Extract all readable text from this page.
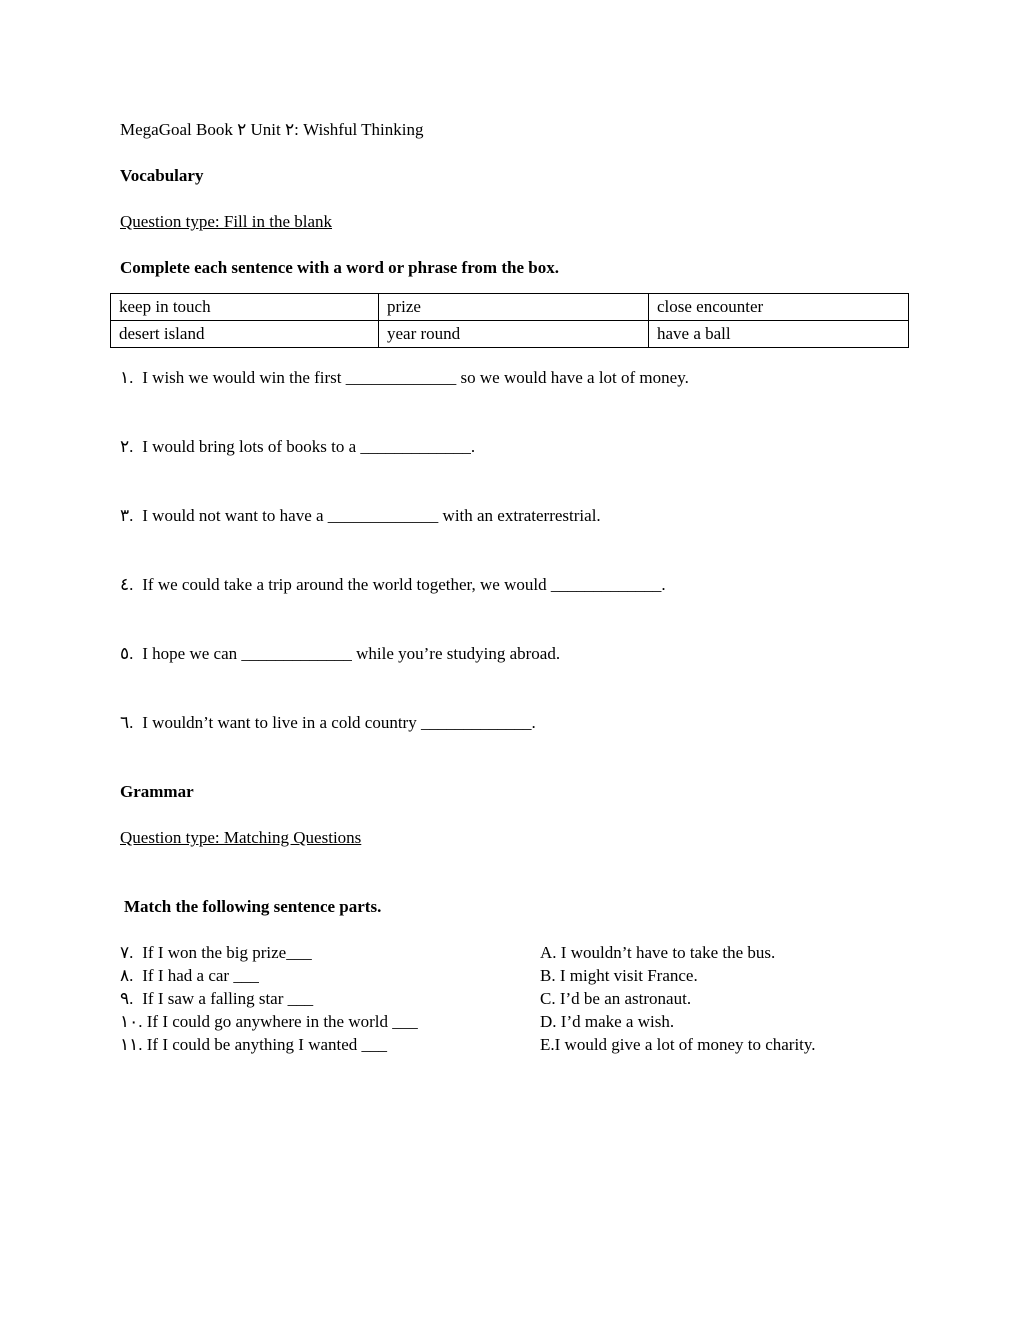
MegaGoal Book ٢ Unit ٢: Wishful Thinking

Vocabulary

Question type: Fill in the blank

Complete each sentence with a word or phrase from the box.

keep in touch	prize	close encounter
desert island	year round	have a ball

١. I wish we would win the first _____________ so we would have a lot of money.

٢. I would bring lots of books to a _____________.

٣. I would not want to have a _____________ with an extraterrestrial.

٤. If we could take a trip around the world together, we would _____________.

٥. I hope we can _____________ while you’re studying abroad.

٦. I wouldn’t want to live in a cold country _____________.

Grammar

Question type: Matching Questions

Match the following sentence parts.

٧. If I won the big prize___	A. I wouldn’t have to take the bus.
٨. If I had a car ___	B. I might visit France.
٩. If I saw a falling star ___	C. I’d be an astronaut.
١٠. If I could go anywhere in the world ___	D. I’d make a wish.
١١. If I could be anything I wanted ___	E.I would give a lot of money to charity.
